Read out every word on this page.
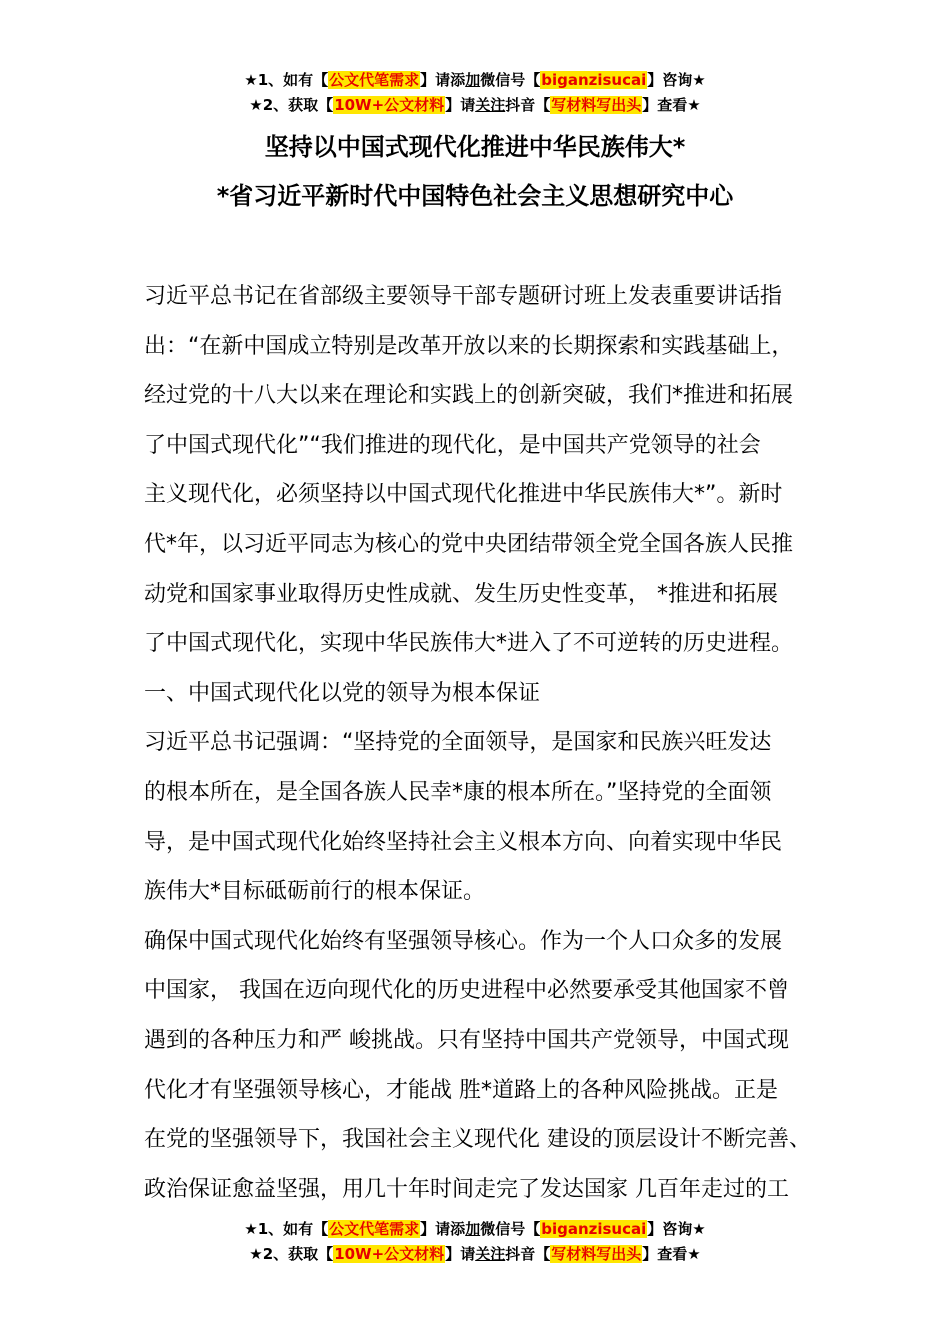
★1、如有【公文代笔需求】请添加微信号【biganzisucai】咨询★
★2、获取【10W+公文材料】请关注抖音【写材料写出头】查看★
坚持以中国式现代化推进中华民族伟大*
*省习近平新时代中国特色社会主义思想研究中心
习近平总书记在省部级主要领导干部专题研讨班上发表重要讲话指
出：“在新中国成立特别是改革开放以来的长期探索和实践基础上，
经过党的十八大以来在理论和实践上的创新突破，我们*推进和拓展
了中国式现代化”“我们推进的现代化，是中国共产党领导的社会
主义现代化，必须坚持以中国式现代化推进中华民族伟大*”。新时
代*年，以习近平同志为核心的党中央团结带领全党全国各族人民推
动党和国家事业取得历史性成就、发生历史性变革， *推进和拓展
了中国式现代化，实现中华民族伟大*进入了不可逆转的历史进程。
一、中国式现代化以党的领导为根本保证
习近平总书记强调：“坚持党的全面领导，是国家和民族兴旺发达
的根本所在，是全国各族人民幸*康的根本所在。”坚持党的全面领
导，是中国式现代化始终坚持社会主义根本方向、向着实现中华民
族伟大*目标砥砺前行的根本保证。
确保中国式现代化始终有坚强领导核心。作为一个人口众多的发展
中国家， 我国在迈向现代化的历史进程中必然要承受其他国家不曾
遇到的各种压力和严 峻挑战。只有坚持中国共产党领导，中国式现
代化才有坚强领导核心，才能战 胜*道路上的各种风险挑战。正是
在党的坚强领导下，我国社会主义现代化 建设的顶层设计不断完善、
政治保证愈益坚强，用几十年时间走完了发达国家 几百年走过的工
★1、如有【公文代笔需求】请添加微信号【biganzisucai】咨询★
★2、获取【10W+公文材料】请关注抖音【写材料写出头】查看★
